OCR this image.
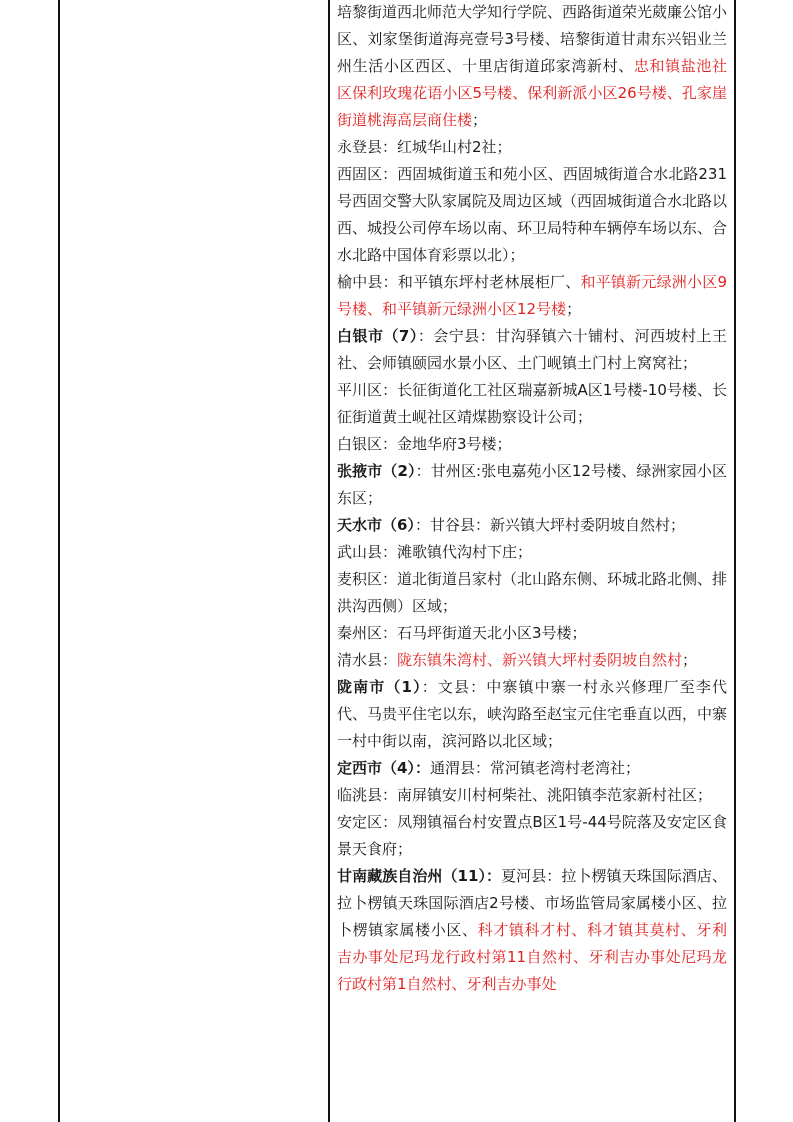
培黎街道西北师范大学知行学院、西路街道荣光葳廉公馆小区、刘家堡街道海亮壹号3号楼、培黎街道甘肃东兴铝业兰州生活小区西区、十里店街道邱家湾新村、忠和镇盐池社区保利玫瑰花语小区5号楼、保利新派小区26号楼、孔家崖街道桃海高层商住楼；
永登县：红城华山村2社；
西固区：西固城街道玉和苑小区、西固城街道合水北路231号西固交警大队家属院及周边区域（西固城街道合水北路以西、城投公司停车场以南、环卫局特种车辆停车场以东、合水北路中国体育彩票以北）；
榆中县：和平镇东坪村老林展柜厂、和平镇新元绿洲小区9号楼、和平镇新元绿洲小区12号楼；
白银市（7）：会宁县：甘沟驿镇六十铺村、河西坡村上王社、会师镇颐园水景小区、土门岘镇土门村上窝窝社；
平川区：长征街道化工社区瑞嘉新城A区1号楼-10号楼、长征街道黄土岘社区靖煤勘察设计公司；
白银区：金地华府3号楼；
张掖市（2）：甘州区:张电嘉苑小区12号楼、绿洲家园小区东区；
天水市（6）：甘谷县：新兴镇大坪村委阴坡自然村；
武山县：滩歌镇代沟村下庄；
麦积区：道北街道吕家村（北山路东侧、环城北路北侧、排洪沟西侧）区域；
秦州区：石马坪街道天北小区3号楼；
清水县：陇东镇朱湾村、新兴镇大坪村委阴坡自然村；
陇南市（1）：文县：中寨镇中寨一村永兴修理厂至李代代、马贵平住宅以东，峡沟路至赵宝元住宅垂直以西，中寨一村中街以南，滨河路以北区域；
定西市（4）：通渭县：常河镇老湾村老湾社；
临洮县：南屏镇安川村柯柴社、洮阳镇李范家新村社区；
安定区：凤翔镇福台村安置点B区1号-44号院落及安定区食景天食府；
甘南藏族自治州（11）：夏河县：拉卜楞镇天珠国际酒店、拉卜楞镇天珠国际酒店2号楼、市场监管局家属楼小区、拉卜楞镇家属楼小区、科才镇科才村、科才镇其莫村、牙利吉办事处尼玛龙行政村第11自然村、牙利吉办事处尼玛龙行政村第1自然村、牙利吉办事处
